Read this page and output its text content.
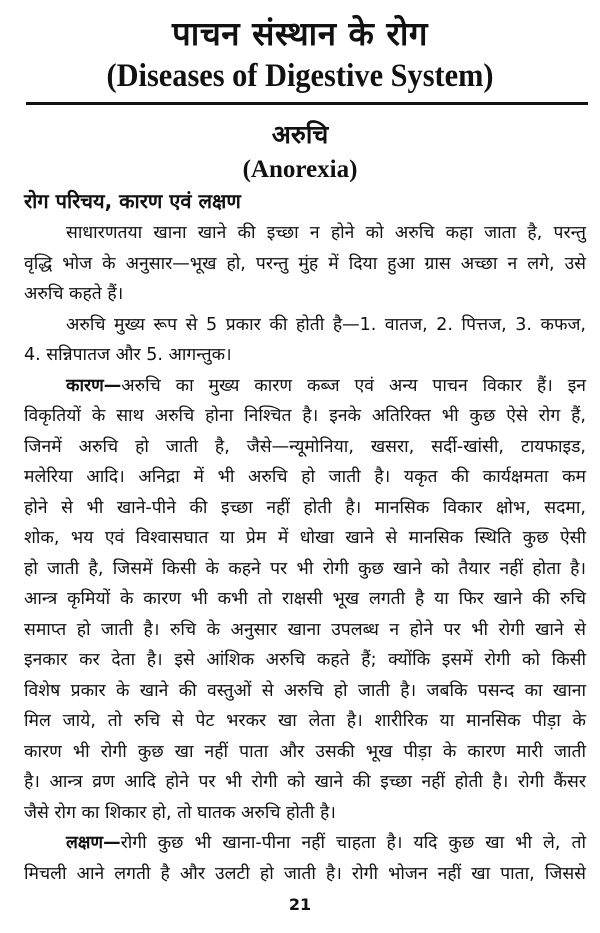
पाचन संस्थान के रोग
(Diseases of Digestive System)
अरुचि
(Anorexia)
रोग परिचय, कारण एवं लक्षण
साधारणतया खाना खाने की इच्छा न होने को अरुचि कहा जाता है, परन्तु
वृद्धि भोज के अनुसार—भूख हो, परन्तु मुंह में दिया हुआ ग्रास अच्छा न लगे, उसे
अरुचि कहते हैं।
अरुचि मुख्य रूप से 5 प्रकार की होती है—1. वातज, 2. पित्तज, 3. कफज,
4. सन्निपातज और 5. आगन्तुक।
कारण—अरुचि का मुख्य कारण कब्ज एवं अन्य पाचन विकार हैं। इन
विकृतियों के साथ अरुचि होना निश्चित है। इनके अतिरिक्त भी कुछ ऐसे रोग हैं,
जिनमें अरुचि हो जाती है, जैसे—न्यूमोनिया, खसरा, सर्दी-खांसी, टायफाइड,
मलेरिया आदि। अनिद्रा में भी अरुचि हो जाती है। यकृत की कार्यक्षमता कम
होने से भी खाने-पीने की इच्छा नहीं होती है। मानसिक विकार क्षोभ, सदमा,
शोक, भय एवं विश्वासघात या प्रेम में धोखा खाने से मानसिक स्थिति कुछ ऐसी
हो जाती है, जिसमें किसी के कहने पर भी रोगी कुछ खाने को तैयार नहीं होता है।
आन्त्र कृमियों के कारण भी कभी तो राक्षसी भूख लगती है या फिर खाने की रुचि
समाप्त हो जाती है। रुचि के अनुसार खाना उपलब्ध न होने पर भी रोगी खाने से
इनकार कर देता है। इसे आंशिक अरुचि कहते हैं; क्योंकि इसमें रोगी को किसी
विशेष प्रकार के खाने की वस्तुओं से अरुचि हो जाती है। जबकि पसन्द का खाना
मिल जाये, तो रुचि से पेट भरकर खा लेता है। शारीरिक या मानसिक पीड़ा के
कारण भी रोगी कुछ खा नहीं पाता और उसकी भूख पीड़ा के कारण मारी जाती
है। आन्त्र व्रण आदि होने पर भी रोगी को खाने की इच्छा नहीं होती है। रोगी कैंसर
जैसे रोग का शिकार हो, तो घातक अरुचि होती है।
लक्षण—रोगी कुछ भी खाना-पीना नहीं चाहता है। यदि कुछ खा भी ले, तो
मिचली आने लगती है और उलटी हो जाती है। रोगी भोजन नहीं खा पाता, जिससे
21
